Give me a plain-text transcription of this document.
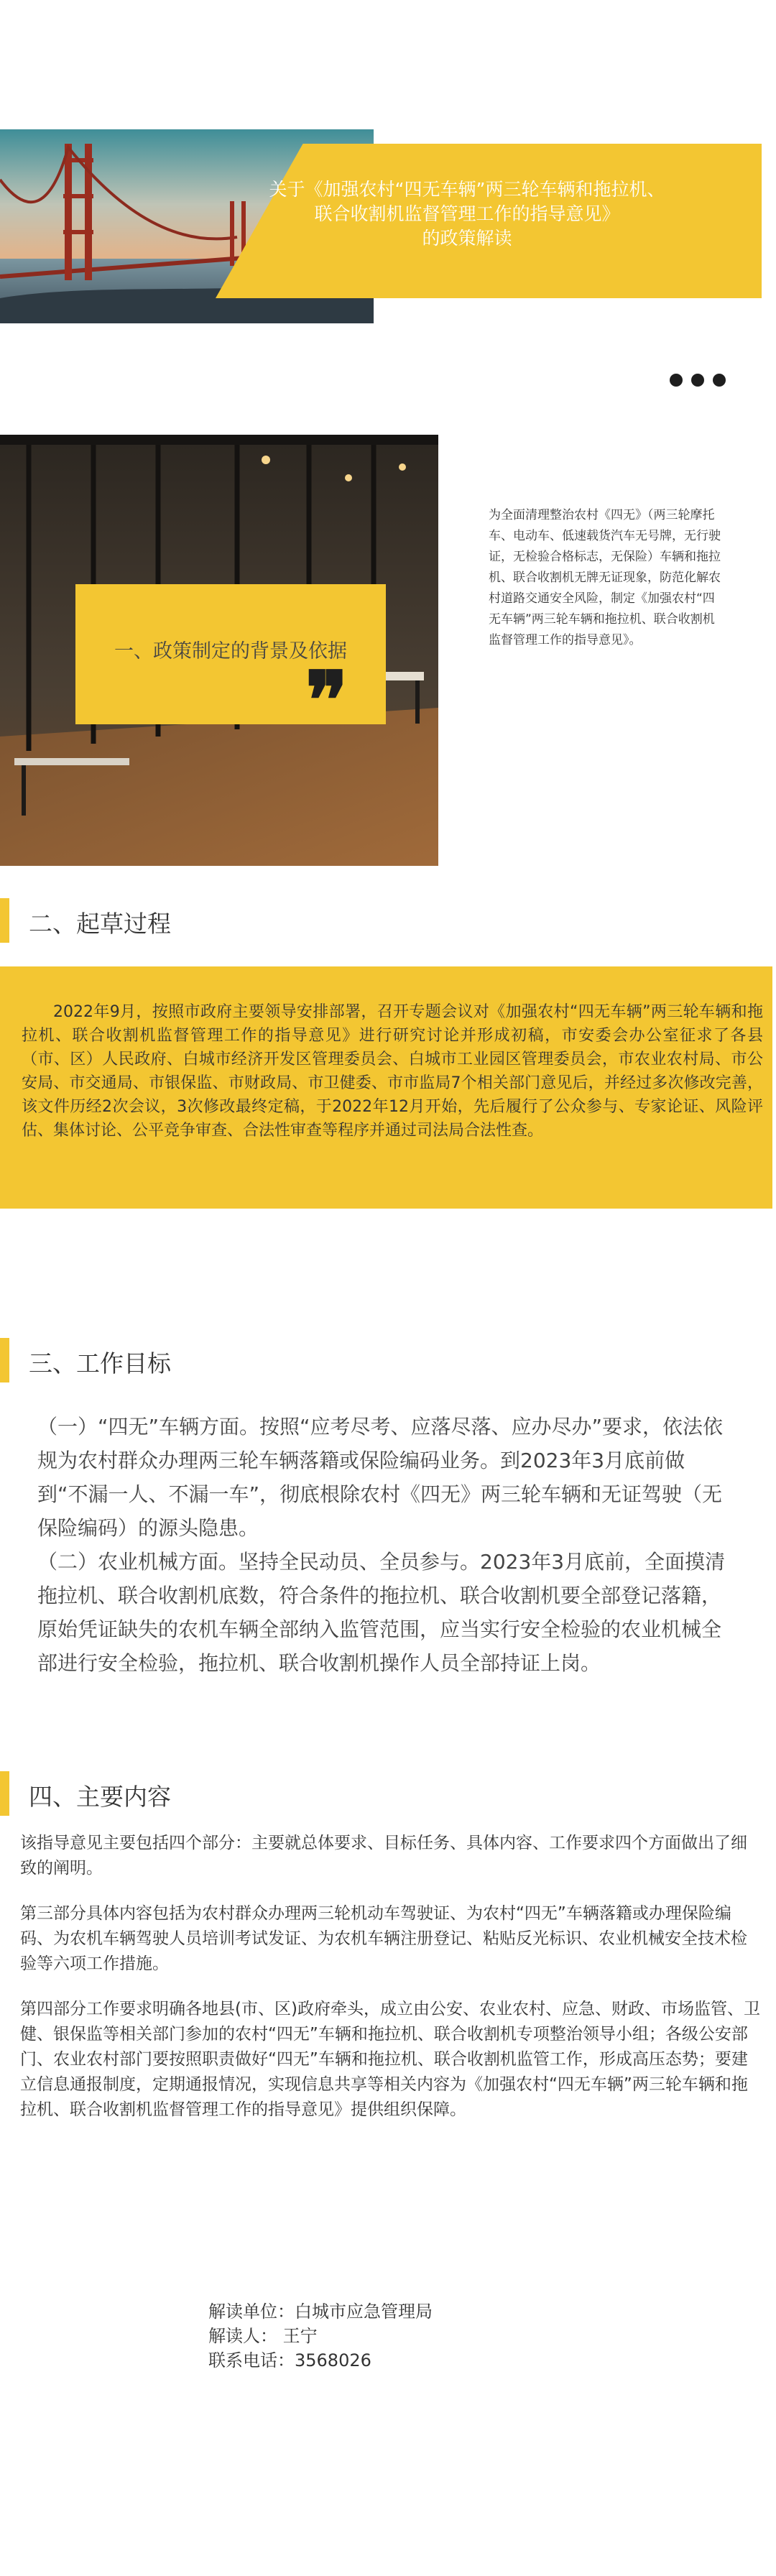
关于《加强农村“四无车辆”两三轮车辆和拖拉机、
联合收割机监督管理工作的指导意见》
的政策解读
一、政策制定的背景及依据
❞
为全面清理整治农村《四无》（两三轮摩托车、电动车、低速载货汽车无号牌，无行驶证，无检验合格标志，无保险）车辆和拖拉机、联合收割机无牌无证现象，防范化解农村道路交通安全风险，制定《加强农村“四无车辆”两三轮车辆和拖拉机、联合收割机监督管理工作的指导意见》。
二、起草过程
2022年9月，按照市政府主要领导安排部署，召开专题会议对《加强农村“四无车辆”两三轮车辆和拖拉机、联合收割机监督管理工作的指导意见》进行研究讨论并形成初稿，市安委会办公室征求了各县（市、区）人民政府、白城市经济开发区管理委员会、白城市工业园区管理委员会，市农业农村局、市公安局、市交通局、市银保监、市财政局、市卫健委、市市监局7个相关部门意见后，并经过多次修改完善，该文件历经2次会议，3次修改最终定稿，于2022年12月开始，先后履行了公众参与、专家论证、风险评估、集体讨论、公平竞争审查、合法性审查等程序并通过司法局合法性查。
三、工作目标

（一）“四无”车辆方面。按照“应考尽考、应落尽落、应办尽办”要求，依法依规为农村群众办理两三轮车辆落籍或保险编码业务。到2023年3月底前做到“不漏一人、不漏一车”，彻底根除农村《四无》两三轮车辆和无证驾驶（无保险编码）的源头隐患。

（二）农业机械方面。坚持全民动员、全员参与。2023年3月底前，全面摸清拖拉机、联合收割机底数，符合条件的拖拉机、联合收割机要全部登记落籍，原始凭证缺失的农机车辆全部纳入监管范围，应当实行安全检验的农业机械全部进行安全检验，拖拉机、联合收割机操作人员全部持证上岗。

四、主要内容

该指导意见主要包括四个部分：主要就总体要求、目标任务、具体内容、工作要求四个方面做出了细致的阐明。

第三部分具体内容包括为农村群众办理两三轮机动车驾驶证、为农村“四无”车辆落籍或办理保险编码、为农机车辆驾驶人员培训考试发证、为农机车辆注册登记、粘贴反光标识、农业机械安全技术检验等六项工作措施。

第四部分工作要求明确各地县(市、区)政府牵头，成立由公安、农业农村、应急、财政、市场监管、卫健、银保监等相关部门参加的农村“四无”车辆和拖拉机、联合收割机专项整治领导小组；各级公安部门、农业农村部门要按照职责做好“四无”车辆和拖拉机、联合收割机监管工作，形成高压态势；要建立信息通报制度，定期通报情况，实现信息共享等相关内容为《加强农村“四无车辆”两三轮车辆和拖拉机、联合收割机监督管理工作的指导意见》提供组织保障。

解读单位：白城市应急管理局
解读人： 王宁
联系电话：3568026
